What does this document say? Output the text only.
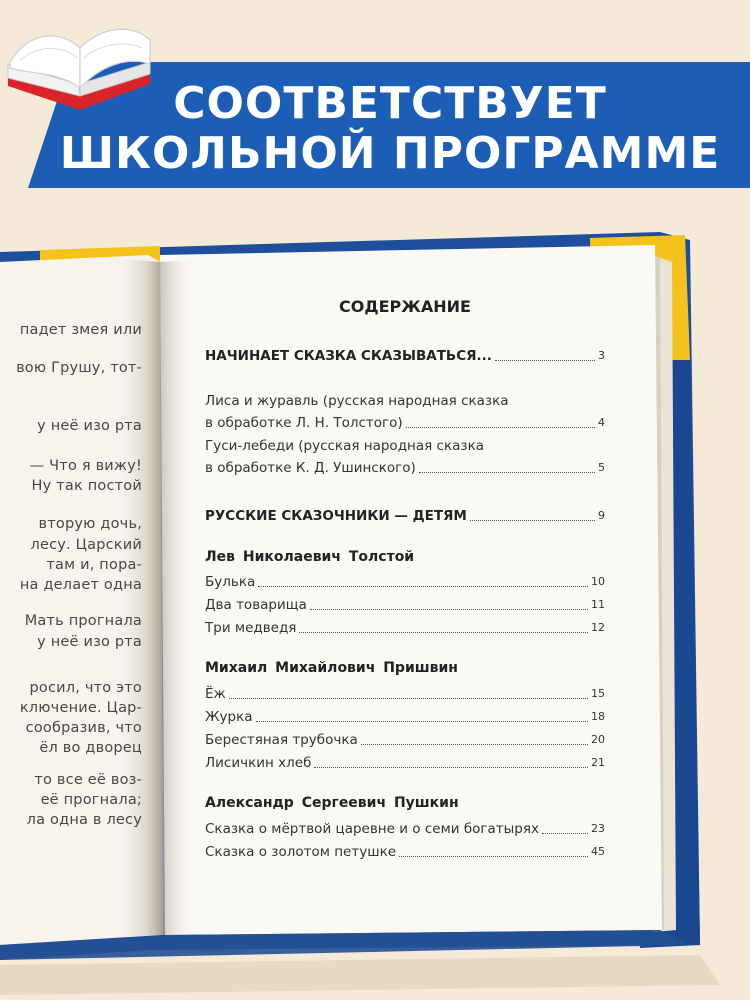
СООТВЕТСТВУЕТ
ШКОЛЬНОЙ ПРОГРАММЕ
падет змея или
вою Грушу, тот-
у неё изо рта
— Что я вижу!
Ну так постой
вторую дочь,
лесу. Царский
там и, пора-
на делает одна
Мать прогнала
у неё изо рта
росил, что это
ключение. Цар-
сообразив, что
ёл во дворец
то все её воз-
её прогнала;
ла одна в лесу
СОДЕРЖАНИЕ
НАЧИНАЕТ СКАЗКА СКАЗЫВАТЬСЯ...	3
Лиса и журавль (русская народная сказка
в обработке Л. Н. Толстого)	4
Гуси-лебеди (русская народная сказка
в обработке К. Д. Ушинского)	5
РУССКИЕ СКАЗОЧНИКИ — ДЕТЯМ	9
Лев Николаевич Толстой
Булька	10
Два товарища	11
Три медведя	12
Михаил Михайлович Пришвин
Ёж	15
Журка	18
Берестяная трубочка	20
Лисичкин хлеб	21
Александр Сергеевич Пушкин
Сказка о мёртвой царевне и о семи богатырях	23
Сказка о золотом петушке	45
